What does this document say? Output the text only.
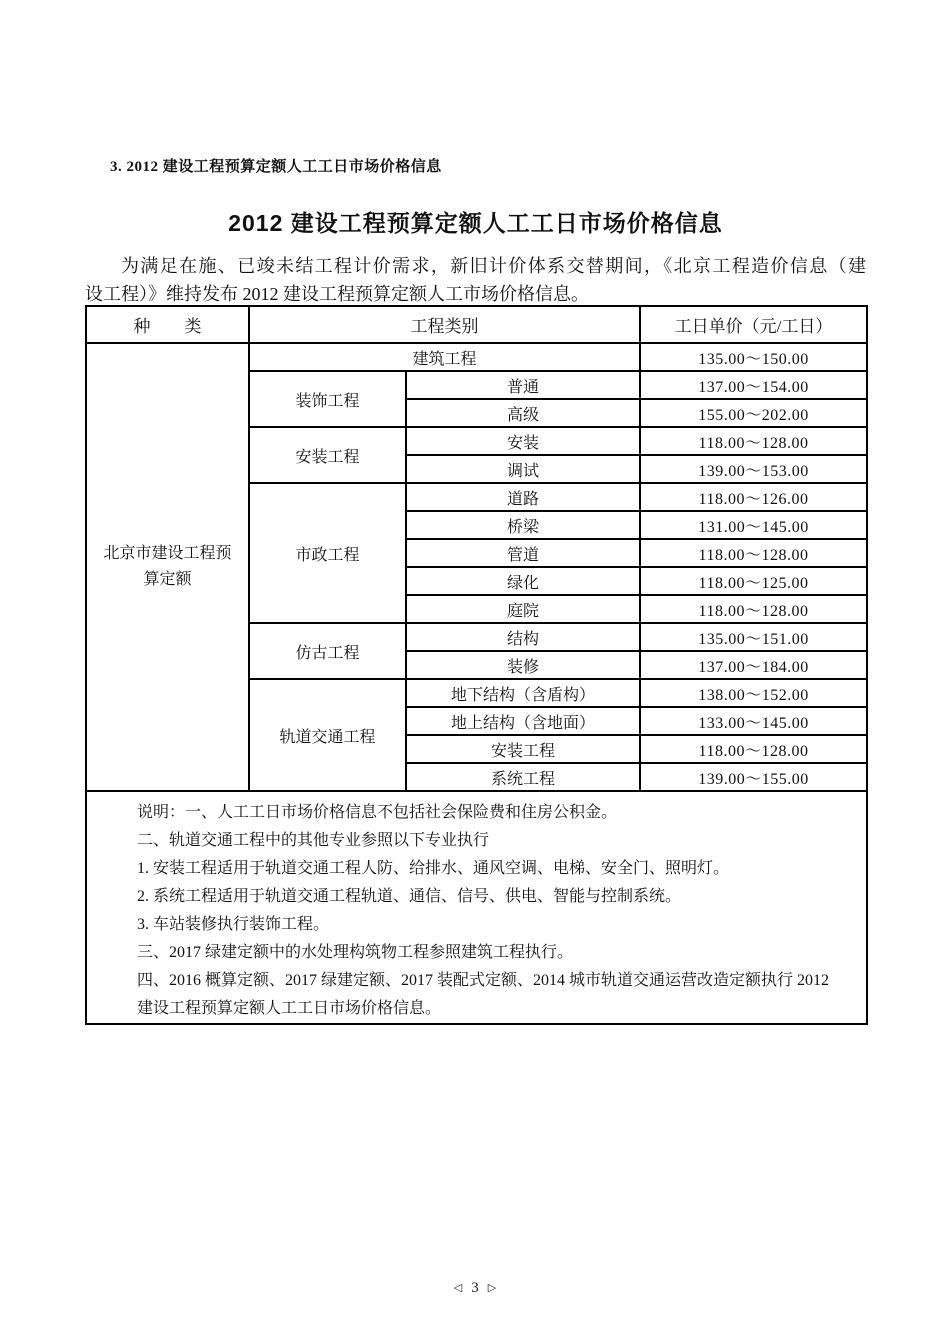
3. 2012 建设工程预算定额人工工日市场价格信息
2012 建设工程预算定额人工工日市场价格信息
为满足在施、已竣未结工程计价需求，新旧计价体系交替期间，《北京工程造价信息（建
设工程）》维持发布 2012 建设工程预算定额人工市场价格信息。
种　　类	工程类别		工日单价（元/工日）
北京市建设工程预算定额	建筑工程		135.00～150.00
	装饰工程	普通	137.00～154.00
		高级	155.00～202.00
	安装工程	安装	118.00～128.00
		调试	139.00～153.00
	市政工程	道路	118.00～126.00
		桥梁	131.00～145.00
		管道	118.00～128.00
		绿化	118.00～125.00
		庭院	118.00～128.00
	仿古工程	结构	135.00～151.00
		装修	137.00～184.00
	轨道交通工程	地下结构（含盾构）	138.00～152.00
		地上结构（含地面）	133.00～145.00
		安装工程	118.00～128.00
		系统工程	139.00～155.00

说明：一、人工工日市场价格信息不包括社会保险费和住房公积金。
二、轨道交通工程中的其他专业参照以下专业执行
1. 安装工程适用于轨道交通工程人防、给排水、通风空调、电梯、安全门、照明灯。
2. 系统工程适用于轨道交通工程轨道、通信、信号、供电、智能与控制系统。
3. 车站装修执行装饰工程。
三、2017 绿建定额中的水处理构筑物工程参照建筑工程执行。
四、2016 概算定额、2017 绿建定额、2017 装配式定额、2014 城市轨道交通运营改造定额执行 2012
建设工程预算定额人工工日市场价格信息。
◁ 3 ▷
